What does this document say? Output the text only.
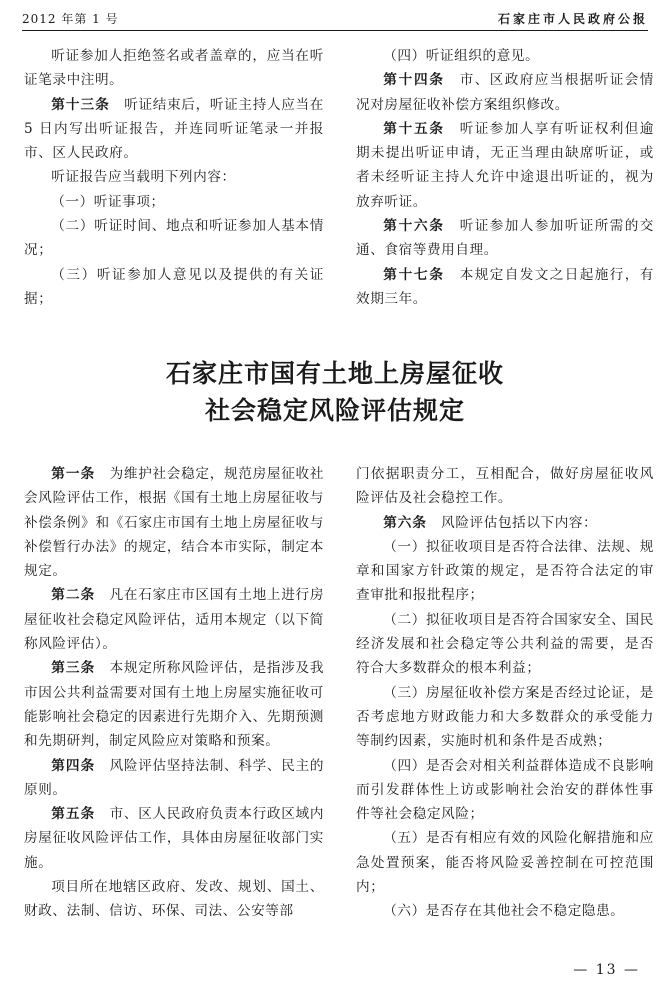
2012 年第 1 号	石家庄市人民政府公报

听证参加人拒绝签名或者盖章的，应当在听证笔录中注明。

第十三条　 听证结束后，听证主持人应当在 5 日内写出听证报告，并连同听证笔录一并报市、区人民政府。

听证报告应当载明下列内容：

（一）听证事项；

（二）听证时间、地点和听证参加人基本情况；

（三）听证参加人意见以及提供的有关证据；

（四）听证组织的意见。

第十四条　 市、区政府应当根据听证会情况对房屋征收补偿方案组织修改。

第十五条　 听证参加人享有听证权利但逾期未提出听证申请，无正当理由缺席听证，或者未经听证主持人允许中途退出听证的，视为放弃听证。

第十六条　 听证参加人参加听证所需的交通、食宿等费用自理。

第十七条　 本规定自发文之日起施行，有效期三年。

石家庄市国有土地上房屋征收
社会稳定风险评估规定

第一条　 为维护社会稳定，规范房屋征收社会风险评估工作，根据《国有土地上房屋征收与补偿条例》和《石家庄市国有土地上房屋征收与补偿暂行办法》的规定，结合本市实际，制定本规定。

第二条　 凡在石家庄市区国有土地上进行房屋征收社会稳定风险评估，适用本规定（以下简称风险评估）。

第三条　 本规定所称风险评估，是指涉及我市因公共利益需要对国有土地上房屋实施征收可能影响社会稳定的因素进行先期介入、先期预测和先期研判，制定风险应对策略和预案。

第四条　 风险评估坚持法制、科学、民主的原则。

第五条　 市、区人民政府负责本行政区域内房屋征收风险评估工作，具体由房屋征收部门实施。

项目所在地辖区政府、发改、规划、国土、财政、法制、信访、环保、司法、公安等部

门依据职责分工，互相配合，做好房屋征收风险评估及社会稳控工作。

第六条　 风险评估包括以下内容：

（一）拟征收项目是否符合法律、法规、规章和国家方针政策的规定，是否符合法定的审查审批和报批程序；

（二）拟征收项目是否符合国家安全、国民经济发展和社会稳定等公共利益的需要，是否符合大多数群众的根本利益；

（三）房屋征收补偿方案是否经过论证，是否考虑地方财政能力和大多数群众的承受能力等制约因素，实施时机和条件是否成熟；

（四）是否会对相关利益群体造成不良影响而引发群体性上访或影响社会治安的群体性事件等社会稳定风险；

（五）是否有相应有效的风险化解措施和应急处置预案，能否将风险妥善控制在可控范围内；

（六）是否存在其他社会不稳定隐患。

— 13 —
